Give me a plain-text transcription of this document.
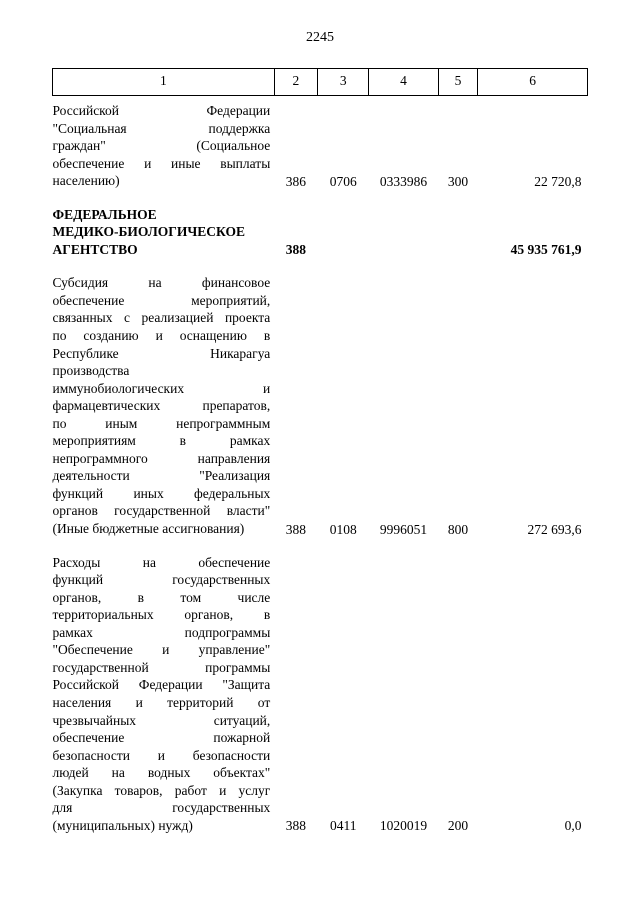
2245
1	2	3	4	5	6

Российской Федерации

"Социальная поддержка

граждан" (Социальное

обеспечение и иные выплаты

населению)	386	0706	0333986	300	22 720,8

ФЕДЕРАЛЬНОЕ
МЕДИКО-БИОЛОГИЧЕСКОЕ
АГЕНТСТВО	388				45 935 761,9

Субсидия на финансовое

обеспечение мероприятий,

связанных с реализацией проекта

по созданию и оснащению в

Республике Никарагуа

производства

иммунобиологических и

фармацевтических препаратов,

по иным непрограммным

мероприятиям в рамках

непрограммного направления

деятельности "Реализация

функций иных федеральных

органов государственной власти"

(Иные бюджетные ассигнования)	388	0108	9996051	800	272 693,6

Расходы на обеспечение

функций государственных

органов, в том числе

территориальных органов, в

рамках подпрограммы

"Обеспечение и управление"

государственной программы

Российской Федерации "Защита

населения и территорий от

чрезвычайных ситуаций,

обеспечение пожарной

безопасности и безопасности

людей на водных объектах"

(Закупка товаров, работ и услуг

для государственных

(муниципальных) нужд)	388	0411	1020019	200	0,0
